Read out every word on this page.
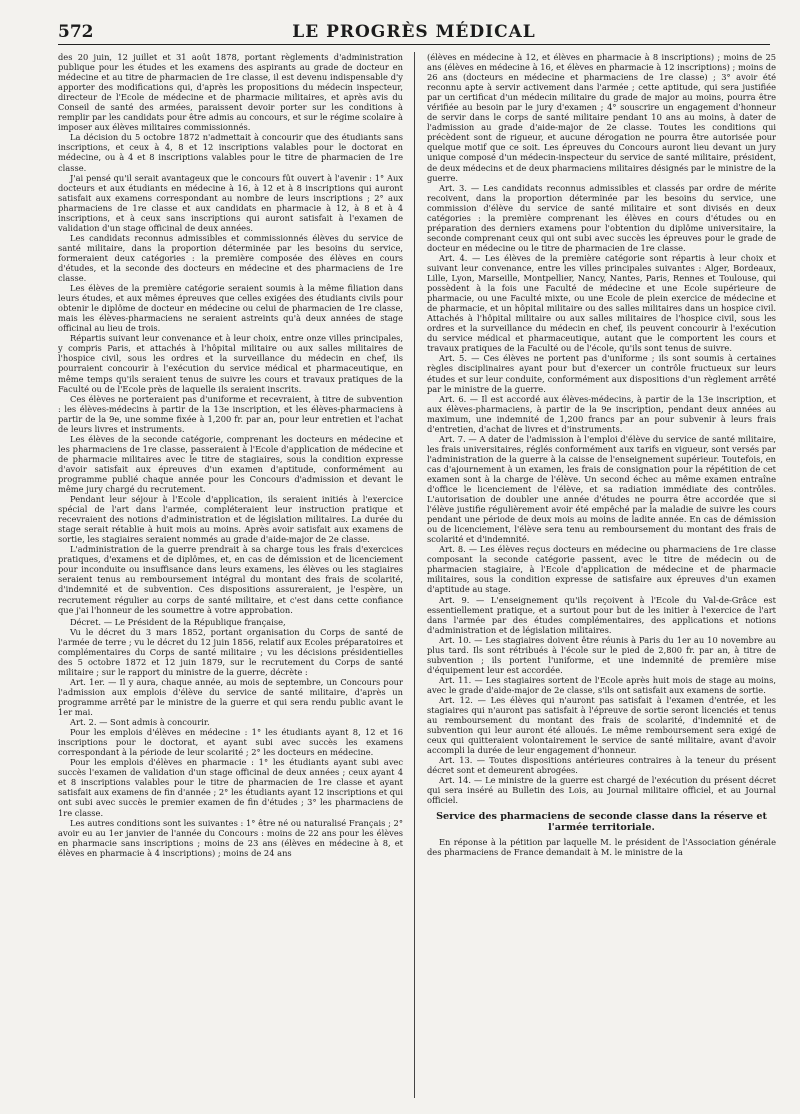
572	LE PROGRÈS MÉDICAL

des 20 juin, 12 juillet et 31 août 1878, portant règlements d'administration publique pour les études et les examens des aspirants au grade de docteur en médecine et au titre de pharmacien de 1re classe, il est devenu indispensable d'y apporter des modifications qui, d'après les propositions du médecin inspecteur, directeur de l'Ecole de médecine et de pharmacie militaires, et après avis du Conseil de santé des armées, paraissent devoir porter sur les conditions à remplir par les candidats pour être admis au concours, et sur le régime scolaire à imposer aux élèves militaires commissionnés.

La décision du 5 octobre 1872 n'admettait à concourir que des étudiants sans inscriptions, et ceux à 4, 8 et 12 inscriptions valables pour le doctorat en médecine, ou à 4 et 8 inscriptions valables pour le titre de pharmacien de 1re classe.

J'ai pensé qu'il serait avantageux que le concours fût ouvert à l'avenir : 1° Aux docteurs et aux étudiants en médecine à 16, à 12 et à 8 inscriptions qui auront satisfait aux examens correspondant au nombre de leurs inscriptions ; 2° aux pharmaciens de 1re classe et aux candidats en pharmacie à 12, à 8 et à 4 inscriptions, et à ceux sans inscriptions qui auront satisfait à l'examen de validation d'un stage officinal de deux années.

Les candidats reconnus admissibles et commissionnés élèves du service de santé militaire, dans la proportion déterminée par les besoins du service, formeraient deux catégories : la première composée des élèves en cours d'études, et la seconde des docteurs en médecine et des pharmaciens de 1re classe.

Les élèves de la première catégorie seraient soumis à la même filiation dans leurs études, et aux mêmes épreuves que celles exigées des étudiants civils pour obtenir le diplôme de docteur en médecine ou celui de pharmacien de 1re classe, mais les élèves-pharmaciens ne seraient astreints qu'à deux années de stage officinal au lieu de trois.

Répartis suivant leur convenance et à leur choix, entre onze villes principales, y compris Paris, et attachés à l'hôpital militaire ou aux salles militaires de l'hospice civil, sous les ordres et la surveillance du médecin en chef, ils pourraient concourir à l'exécution du service médical et pharmaceutique, en même temps qu'ils seraient tenus de suivre les cours et travaux pratiques de la Faculté ou de l'Ecole près de laquelle ils seraient inscrits.

Ces élèves ne porteraient pas d'uniforme et recevraient, à titre de subvention : les élèves-médecins à partir de la 13e inscription, et les élèves-pharmaciens à partir de la 9e, une somme fixée à 1,200 fr. par an, pour leur entretien et l'achat de leurs livres et instruments.

Les élèves de la seconde catégorie, comprenant les docteurs en médecine et les pharmaciens de 1re classe, passeraient à l'Ecole d'application de médecine et de pharmacie militaires avec le titre de stagiaires, sous la condition expresse d'avoir satisfait aux épreuves d'un examen d'aptitude, conformément au programme publié chaque année pour les Concours d'admission et devant le même jury chargé du recrutement.

Pendant leur séjour à l'Ecole d'application, ils seraient initiés à l'exercice spécial de l'art dans l'armée, compléteraient leur instruction pratique et recevraient des notions d'administration et de législation militaires. La durée du stage serait rétablie à huit mois au moins. Après avoir satisfait aux examens de sortie, les stagiaires seraient nommés au grade d'aide-major de 2e classe.

L'administration de la guerre prendrait à sa charge tous les frais d'exercices pratiques, d'examens et de diplômes, et, en cas de démission et de licenciement pour inconduite ou insuffisance dans leurs examens, les élèves ou les stagiaires seraient tenus au remboursement intégral du montant des frais de scolarité, d'indemnité et de subvention. Ces dispositions assureraient, je l'espère, un recrutement régulier au corps de santé militaire, et c'est dans cette confiance que j'ai l'honneur de les soumettre à votre approbation.

Décret. — Le Président de la République française,

Vu le décret du 3 mars 1852, portant organisation du Corps de santé de l'armée de terre ; vu le décret du 12 juin 1856, relatif aux Ecoles préparatoires et complémentaires du Corps de santé militaire ; vu les décisions présidentielles des 5 octobre 1872 et 12 juin 1879, sur le recrutement du Corps de santé militaire ; sur le rapport du ministre de la guerre, décrète :

Art. 1er. — Il y aura, chaque année, au mois de septembre, un Concours pour l'admission aux emplois d'élève du service de santé militaire, d'après un programme arrêté par le ministre de la guerre et qui sera rendu public avant le 1er mai.

Art. 2. — Sont admis à concourir.

Pour les emplois d'élèves en médecine : 1° les étudiants ayant 8, 12 et 16 inscriptions pour le doctorat, et ayant subi avec succès les examens correspondant à la période de leur scolarité ; 2° les docteurs en médecine.

Pour les emplois d'élèves en pharmacie : 1° les étudiants ayant subi avec succès l'examen de validation d'un stage officinal de deux années ; ceux ayant 4 et 8 inscriptions valables pour le titre de pharmacien de 1re classe et ayant satisfait aux examens de fin d'année ; 2° les étudiants ayant 12 inscriptions et qui ont subi avec succès le premier examen de fin d'études ; 3° les pharmaciens de 1re classe.

Les autres conditions sont les suivantes : 1° être né ou naturalisé Français ; 2° avoir eu au 1er janvier de l'année du Concours : moins de 22 ans pour les élèves en pharmacie sans inscriptions ; moins de 23 ans (élèves en médecine à 8, et élèves en pharmacie à 4 inscriptions) ; moins de 24 ans

(élèves en médecine à 12, et élèves en pharmacie à 8 inscriptions) ; moins de 25 ans (élèves en médecine à 16, et élèves en pharmacie à 12 inscriptions) ; moins de 26 ans (docteurs en médecine et pharmaciens de 1re classe) ; 3° avoir été reconnu apte à servir activement dans l'armée ; cette aptitude, qui sera justifiée par un certificat d'un médecin militaire du grade de major au moins, pourra être vérifiée au besoin par le jury d'examen ; 4° souscrire un engagement d'honneur de servir dans le corps de santé militaire pendant 10 ans au moins, à dater de l'admission au grade d'aide-major de 2e classe. Toutes les conditions qui précèdent sont de rigueur, et aucune dérogation ne pourra être autorisée pour quelque motif que ce soit. Les épreuves du Concours auront lieu devant un jury unique composé d'un médecin-inspecteur du service de santé militaire, président, de deux médecins et de deux pharmaciens militaires désignés par le ministre de la guerre.

Art. 3. — Les candidats reconnus admissibles et classés par ordre de mérite recoivent, dans la proportion déterminée par les besoins du service, une commission d'élève du service de santé militaire et sont divisés en deux catégories : la première comprenant les élèves en cours d'études ou en préparation des derniers examens pour l'obtention du diplôme universitaire, la seconde comprenant ceux qui ont subi avec succès les épreuves pour le grade de docteur en médecine ou le titre de pharmacien de 1re classe.

Art. 4. — Les élèves de la première catégorie sont répartis à leur choix et suivant leur convenance, entre les villes principales suivantes : Alger, Bordeaux, Lille, Lyon, Marseille, Montpellier, Nancy, Nantes, Paris, Rennes et Toulouse, qui possèdent à la fois une Faculté de médecine et une Ecole supérieure de pharmacie, ou une Faculté mixte, ou une Ecole de plein exercice de médecine et de pharmacie, et un hôpital militaire ou des salles militaires dans un hospice civil. Attachés à l'hôpital militaire ou aux salles militaires de l'hospice civil, sous les ordres et la surveillance du médecin en chef, ils peuvent concourir à l'exécution du service médical et pharmaceutique, autant que le comportent les cours et travaux pratiques de la Faculté ou de l'école, qu'ils sont tenus de suivre.

Art. 5. — Ces élèves ne portent pas d'uniforme ; ils sont soumis à certaines règles disciplinaires ayant pour but d'exercer un contrôle fructueux sur leurs études et sur leur conduite, conformément aux dispositions d'un règlement arrêté par le ministre de la guerre.

Art. 6. — Il est accordé aux élèves-médecins, à partir de la 13e inscription, et aux élèves-pharmaciens, à partir de la 9e inscription, pendant deux années au maximum, une indemnité de 1,200 francs par an pour subvenir à leurs frais d'entretien, d'achat de livres et d'instruments.

Art. 7. — A dater de l'admission à l'emploi d'élève du service de santé militaire, les frais universitaires, réglés conformément aux tarifs en vigueur, sont versés par l'administration de la guerre à la caisse de l'enseignement supérieur. Toutefois, en cas d'ajournement à un examen, les frais de consignation pour la répétition de cet examen sont à la charge de l'élève. Un second échec au même examen entraîne d'office le licenciement de l'élève, et sa radiation immédiate des contrôles. L'autorisation de doubler une année d'études ne pourra être accordée que si l'élève justifie régulièrement avoir été empêché par la maladie de suivre les cours pendant une période de deux mois au moins de ladite année. En cas de démission ou de licenciement, l'élève sera tenu au remboursement du montant des frais de scolarité et d'indemnité.

Art. 8. — Les élèves reçus docteurs en médecine ou pharmaciens de 1re classe composant la seconde catégorie passent, avec le titre de médecin ou de pharmacien stagiaire, à l'Ecole d'application de médecine et de pharmacie militaires, sous la condition expresse de satisfaire aux épreuves d'un examen d'aptitude au stage.

Art. 9. — L'enseignement qu'ils reçoivent à l'Ecole du Val-de-Grâce est essentiellement pratique, et a surtout pour but de les initier à l'exercice de l'art dans l'armée par des études complémentaires, des applications et notions d'administration et de législation militaires.

Art. 10. — Les stagiaires doivent être réunis à Paris du 1er au 10 novembre au plus tard. Ils sont rétribués à l'école sur le pied de 2,800 fr. par an, à titre de subvention ; ils portent l'uniforme, et une indemnité de première mise d'équipement leur est accordée.

Art. 11. — Les stagiaires sortent de l'Ecole après huit mois de stage au moins, avec le grade d'aide-major de 2e classe, s'ils ont satisfait aux examens de sortie.

Art. 12. — Les élèves qui n'auront pas satisfait à l'examen d'entrée, et les stagiaires qui n'auront pas satisfait à l'épreuve de sortie seront licenciés et tenus au remboursement du montant des frais de scolarité, d'indemnité et de subvention qui leur auront été alloués. Le même remboursement sera exigé de ceux qui quitteraient volontairement le service de santé militaire, avant d'avoir accompli la durée de leur engagement d'honneur.

Art. 13. — Toutes dispositions antérieures contraires à la teneur du présent décret sont et demeurent abrogées.

Art. 14. — Le ministre de la guerre est chargé de l'exécution du présent décret qui sera inséré au Bulletin des Lois, au Journal militaire officiel, et au Journal officiel.

Service des pharmaciens de seconde classe dans la réserve et l'armée territoriale.

En réponse à la pétition par laquelle M. le président de l'Association générale des pharmaciens de France demandait à M. le ministre de la
